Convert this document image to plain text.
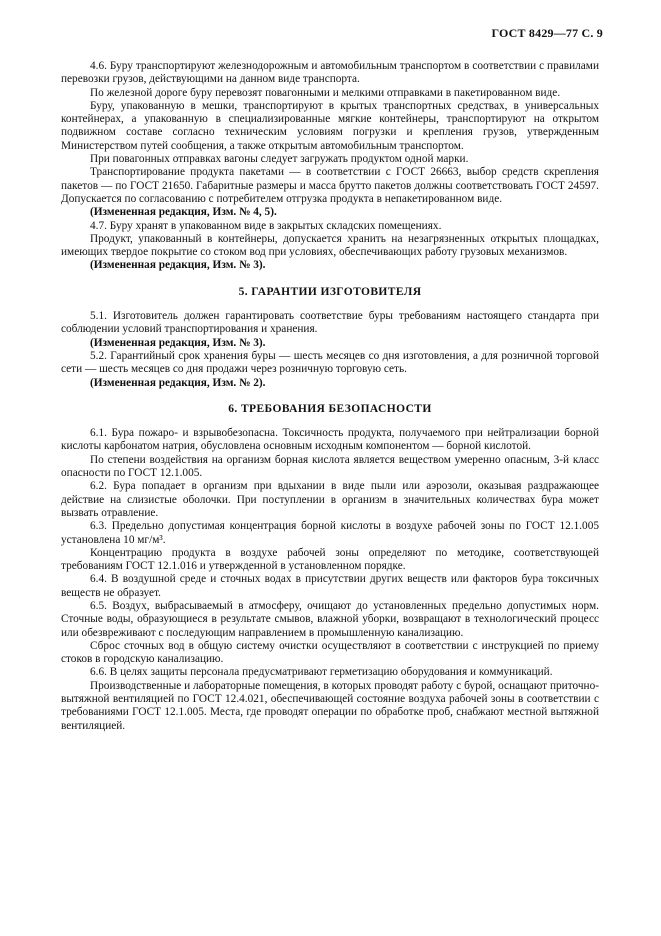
ГОСТ 8429—77 С. 9

4.6. Буру транспортируют железнодорожным и автомобильным транспортом в соответствии с правилами перевозки грузов, действующими на данном виде транспорта.

По железной дороге буру перевозят повагонными и мелкими отправками в пакетированном виде.

Буру, упакованную в мешки, транспортируют в крытых транспортных средствах, в универсальных контейнерах, а упакованную в специализированные мягкие контейнеры, транспортируют на открытом подвижном составе согласно техническим условиям погрузки и крепления грузов, утвержденным Министерством путей сообщения, а также открытым автомобильным транспортом.

При повагонных отправках вагоны следует загружать продуктом одной марки.

Транспортирование продукта пакетами — в соответствии с ГОСТ 26663, выбор средств скрепления пакетов — по ГОСТ 21650. Габаритные размеры и масса брутто пакетов должны соответствовать ГОСТ 24597. Допускается по согласованию с потребителем отгрузка продукта в непакетированном виде.

(Измененная редакция, Изм. № 4, 5).

4.7. Буру хранят в упакованном виде в закрытых складских помещениях.

Продукт, упакованный в контейнеры, допускается хранить на незагрязненных открытых площадках, имеющих твердое покрытие со стоком вод при условиях, обеспечивающих работу грузовых механизмов.

(Измененная редакция, Изм. № 3).

5. ГАРАНТИИ ИЗГОТОВИТЕЛЯ

5.1. Изготовитель должен гарантировать соответствие буры требованиям настоящего стандарта при соблюдении условий транспортирования и хранения.

(Измененная редакция, Изм. № 3).

5.2. Гарантийный срок хранения буры — шесть месяцев со дня изготовления, а для розничной торговой сети — шесть месяцев со дня продажи через розничную торговую сеть.

(Измененная редакция, Изм. № 2).

6. ТРЕБОВАНИЯ БЕЗОПАСНОСТИ

6.1. Бура пожаро- и взрывобезопасна. Токсичность продукта, получаемого при нейтрализации борной кислоты карбонатом натрия, обусловлена основным исходным компонентом — борной кислотой.

По степени воздействия на организм борная кислота является веществом умеренно опасным, 3-й класс опасности по ГОСТ 12.1.005.

6.2. Бура попадает в организм при вдыхании в виде пыли или аэрозоли, оказывая раздражающее действие на слизистые оболочки. При поступлении в организм в значительных количествах бура может вызвать отравление.

6.3. Предельно допустимая концентрация борной кислоты в воздухе рабочей зоны по ГОСТ 12.1.005 установлена 10 мг/м³.

Концентрацию продукта в воздухе рабочей зоны определяют по методике, соответствующей требованиям ГОСТ 12.1.016 и утвержденной в установленном порядке.

6.4. В воздушной среде и сточных водах в присутствии других веществ или факторов бура токсичных веществ не образует.

6.5. Воздух, выбрасываемый в атмосферу, очищают до установленных предельно допустимых норм. Сточные воды, образующиеся в результате смывов, влажной уборки, возвращают в технологический процесс или обезвреживают с последующим направлением в промышленную канализацию.

Сброс сточных вод в общую систему очистки осуществляют в соответствии с инструкцией по приему стоков в городскую канализацию.

6.6. В целях защиты персонала предусматривают герметизацию оборудования и коммуникаций.

Производственные и лабораторные помещения, в которых проводят работу с бурой, оснащают приточно-вытяжной вентиляцией по ГОСТ 12.4.021, обеспечивающей состояние воздуха рабочей зоны в соответствии с требованиями ГОСТ 12.1.005. Места, где проводят операции по обработке проб, снабжают местной вытяжной вентиляцией.
